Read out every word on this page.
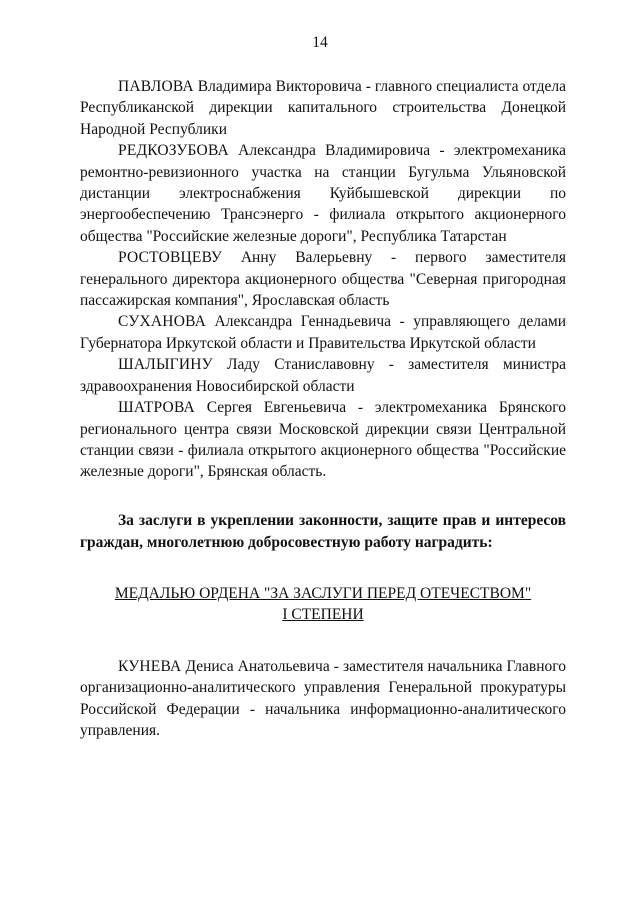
14

ПАВЛОВА Владимира Викторовича - главного специалиста отдела Республиканской дирекции капитального строительства Донецкой Народной Республики

РЕДКОЗУБОВА Александра Владимировича - электромеханика ремонтно-ревизионного участка на станции Бугульма Ульяновской дистанции электроснабжения Куйбышевской дирекции по энергообеспечению Трансэнерго - филиала открытого акционерного общества "Российские железные дороги", Республика Татарстан

РОСТОВЦЕВУ Анну Валерьевну - первого заместителя генерального директора акционерного общества "Северная пригородная пассажирская компания", Ярославская область

СУХАНОВА Александра Геннадьевича - управляющего делами Губернатора Иркутской области и Правительства Иркутской области

ШАЛЫГИНУ Ладу Станиславовну - заместителя министра здравоохранения Новосибирской области

ШАТРОВА Сергея Евгеньевича - электромеханика Брянского регионального центра связи Московской дирекции связи Центральной станции связи - филиала открытого акционерного общества "Российские железные дороги", Брянская область.

За заслуги в укреплении законности, защите прав и интересов граждан, многолетнюю добросовестную работу наградить:

МЕДАЛЬЮ ОРДЕНА "ЗА ЗАСЛУГИ ПЕРЕД ОТЕЧЕСТВОМ"
I СТЕПЕНИ

КУНЕВА Дениса Анатольевича - заместителя начальника Главного организационно-аналитического управления Генеральной прокуратуры Российской Федерации - начальника информационно-аналитического управления.
